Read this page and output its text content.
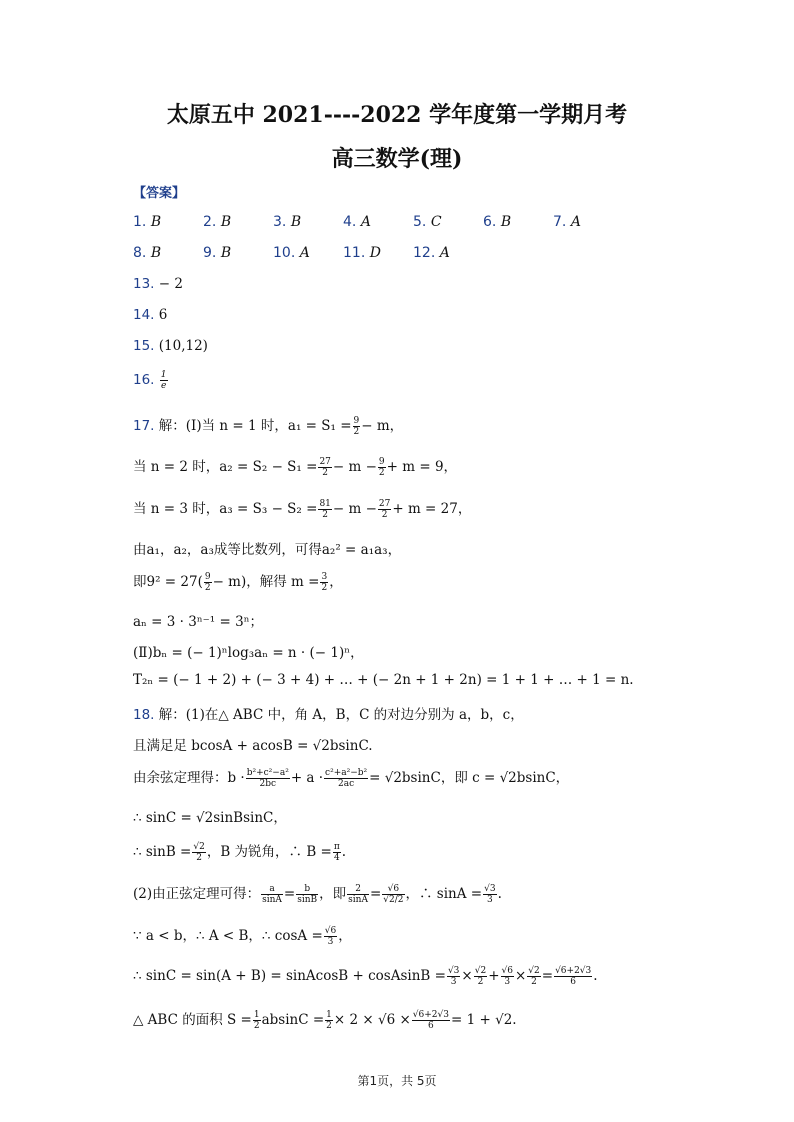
太原五中 2021----2022 学年度第一学期月考
高三数学(理)
【答案】
1. B	2. B	3. B	4. A	5. C	6. B	7. A
8. B	9. B	10. A 11. D 12. A
13. − 2
14. 6
15. (10,12)
16. $\frac{1}{e}$
17. 解：(Ⅰ)当 n = 1 时，$a_1 = S_1 = \frac{9}{2} - m$，
当 n = 2 时，$a_2 = S_2 - S_1 = \frac{27}{2} - m - \frac{9}{2} + m = 9$，
当 n = 3 时，$a_3 = S_3 - S_2 = \frac{81}{2} - m - \frac{27}{2} + m = 27$，
由a₁，a₂，a₃成等比数列，可得a₂² = a₁a₃，
即$9^2 = 27( \frac{9}{2} - m)$，解得 $m = \frac{3}{2}$ ，
aₙ = 3 · 3ⁿ⁻¹ = 3ⁿ；
(Ⅱ)bₙ = (− 1)ⁿlog₃aₙ = n · (− 1)ⁿ，
T₂ₙ = (− 1 + 2) + (− 3 + 4) + … + (− 2n + 1 + 2n) = 1 + 1 + … + 1 = n.
18. 解：(1)在△ ABC 中，角 A，B，C 的对边分别为 a，b，c，
且满足足 bcosA + acosB = √2bsinC.
由余弦定理得：$b \cdot \frac{\text{b²+c²−a²}}{2bc} + a \cdot \frac{\text{c²+a²−b²}}{2ac} = √2bsinC$，即 c = √2bsinC，
∴ sinC = √2sinBsinC，
∴ $\sin B = \frac{√2}{2}$ ，B 为锐角，∴ $B = \frac{\pi}{4}$ .
(2)由正弦定理可得： $\frac{a}{\sin A} = \frac{b}{\sin B}$ ，即 $\frac{2}{\sin A} = \frac{√6}{√2/2}$ ，∴ $\sin A = \frac{√3}{3}$ .
∵ a < b，∴ A < B，∴ $\cos A = \frac{√6}{3}$ ，
∴ sinC = sin(A + B) = sinAcosB + cosAsinB = $\frac{√3}{3} \times \frac{√2}{2} + \frac{√6}{3} \times \frac{√2}{2} = \frac{√6+2√3}{6}$ .
△ ABC 的面积 $S = \frac{1}{2}$ $absinC = \frac{1}{2} \times 2 \times √6 \times \frac{√6+2√3}{6} = 1 + √2$.
第1页，共 5页
